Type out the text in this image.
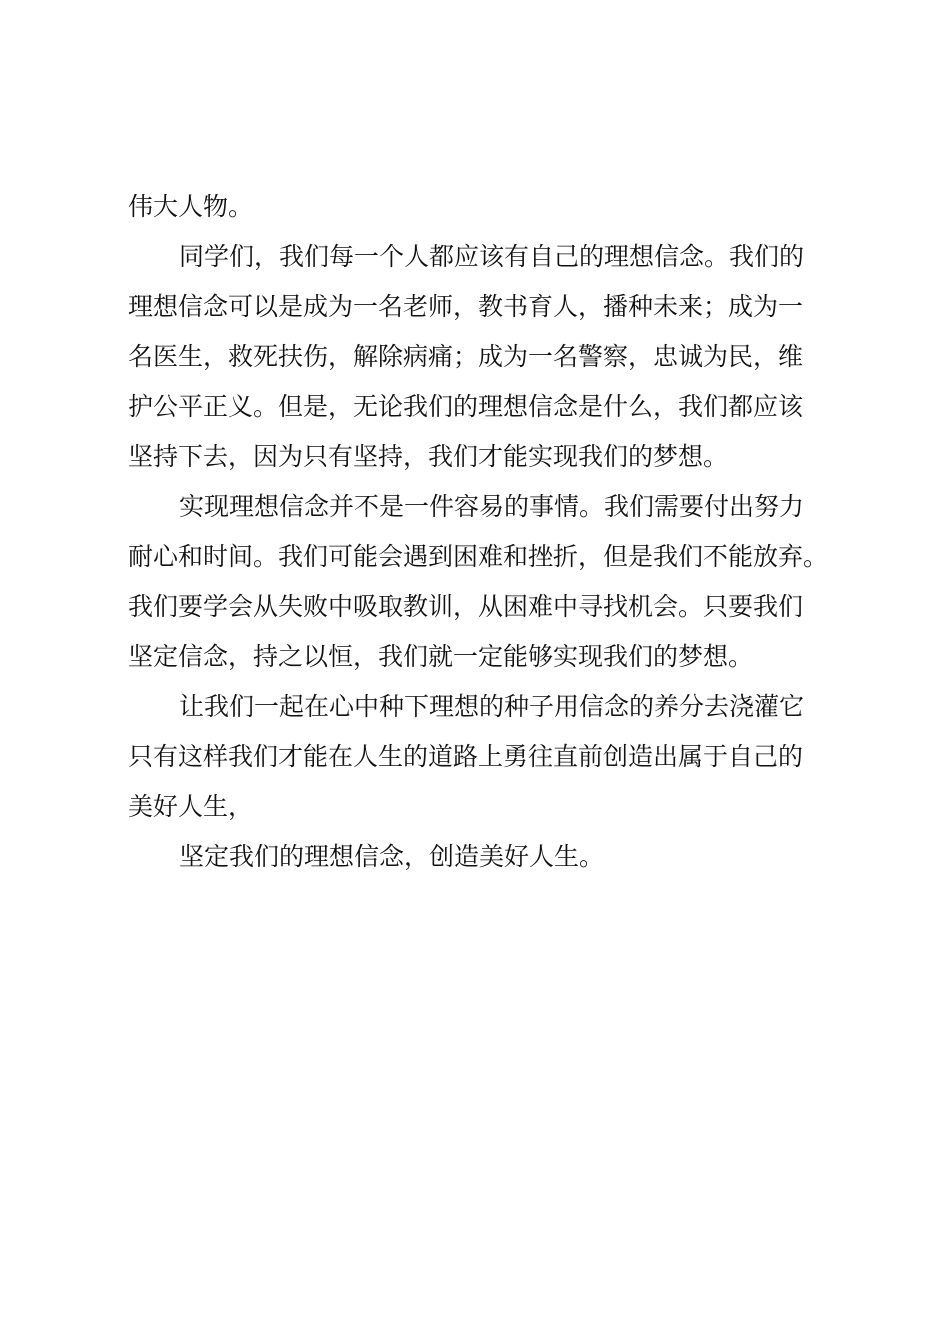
伟大人物。

同学们，我们每一个人都应该有自己的理想信念。我们的

理想信念可以是成为一名老师，教书育人，播种未来；成为一

名医生，救死扶伤，解除病痛；成为一名警察，忠诚为民，维

护公平正义。但是，无论我们的理想信念是什么，我们都应该

坚持下去，因为只有坚持，我们才能实现我们的梦想。

实现理想信念并不是一件容易的事情。我们需要付出努力

耐心和时间。我们可能会遇到困难和挫折，但是我们不能放弃。

我们要学会从失败中吸取教训，从困难中寻找机会。只要我们

坚定信念，持之以恒，我们就一定能够实现我们的梦想。

让我们一起在心中种下理想的种子用信念的养分去浇灌它

只有这样我们才能在人生的道路上勇往直前创造出属于自己的

美好人生，

坚定我们的理想信念，创造美好人生。
